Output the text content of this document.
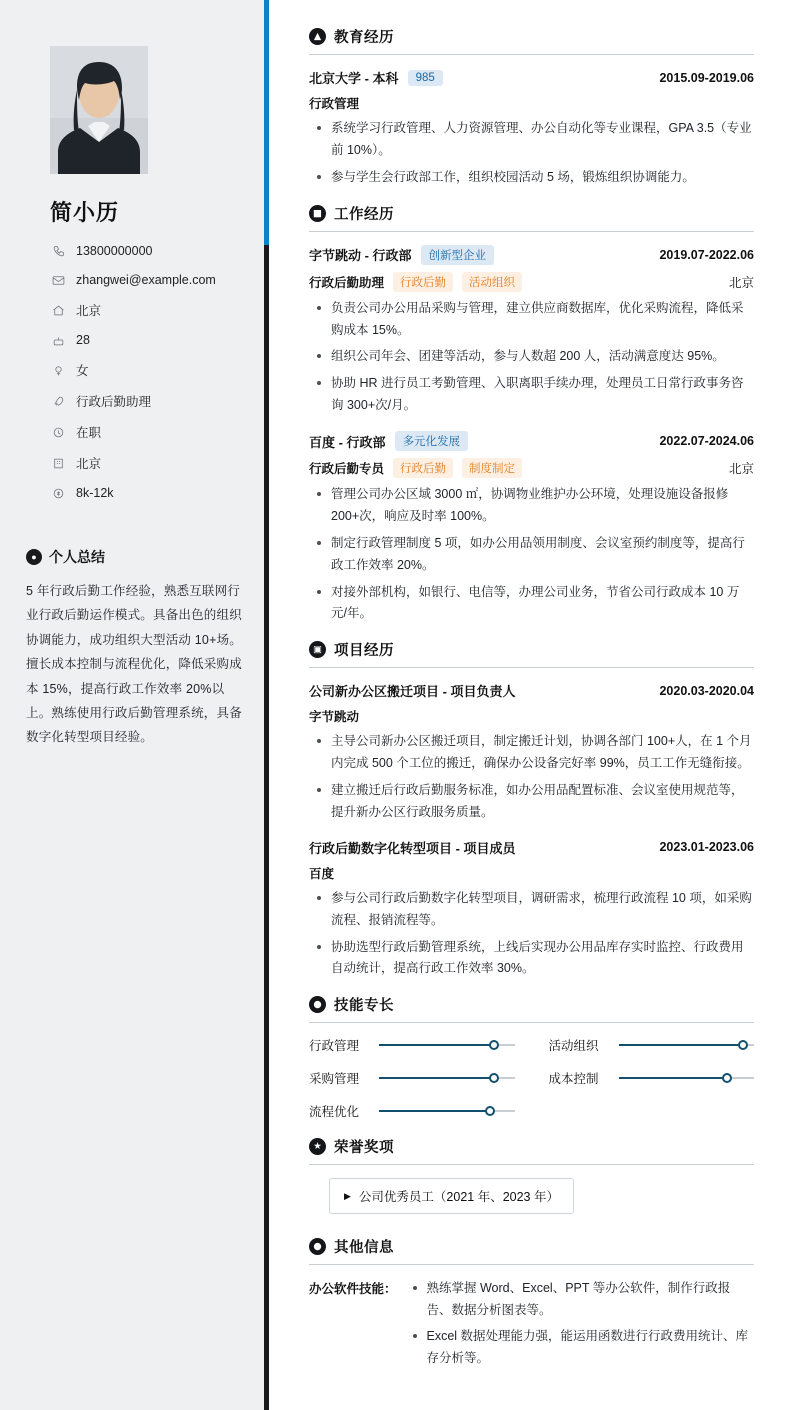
简小历
13800000000
zhangwei@example.com
北京
28
女
行政后勤助理
在职
北京
8k-12k
● 个人总结
5 年行政后勤工作经验，熟悉互联网行业行政后勤运作模式。具备出色的组织协调能力，成功组织大型活动 10+场。擅长成本控制与流程优化，降低采购成本 15%，提高行政工作效率 20%以上。熟练使用行政后勤管理系统，具备数字化转型项目经验。
▲ 教育经历
北京大学 - 本科	985	2015.09-2019.06
行政管理
系统学习行政管理、人力资源管理、办公自动化等专业课程，GPA 3.5（专业前 10%）。
参与学生会行政部工作，组织校园活动 5 场，锻炼组织协调能力。
■ 工作经历
字节跳动 - 行政部	创新型企业	2019.07-2022.06
行政后勤助理	行政后勤	活动组织	北京
负责公司办公用品采购与管理，建立供应商数据库，优化采购流程，降低采购成本 15%。
组织公司年会、团建等活动，参与人数超 200 人，活动满意度达 95%。
协助 HR 进行员工考勤管理、入职离职手续办理，处理员工日常行政事务咨询 300+次/月。
百度 - 行政部	多元化发展	2022.07-2024.06
行政后勤专员	行政后勤	制度制定	北京
管理公司办公区域 3000 ㎡，协调物业维护办公环境，处理设施设备报修 200+次，响应及时率 100%。
制定行政管理制度 5 项，如办公用品领用制度、会议室预约制度等，提高行政工作效率 20%。
对接外部机构，如银行、电信等，办理公司业务，节省公司行政成本 10 万元/年。
▣ 项目经历
公司新办公区搬迁项目 - 项目负责人	2020.03-2020.04
字节跳动
主导公司新办公区搬迁项目，制定搬迁计划，协调各部门 100+人，在 1 个月内完成 500 个工位的搬迁，确保办公设备完好率 99%，员工工作无缝衔接。
建立搬迁后行政后勤服务标准，如办公用品配置标准、会议室使用规范等，提升新办公区行政服务质量。
行政后勤数字化转型项目 - 项目成员	2023.01-2023.06
百度
参与公司行政后勤数字化转型项目，调研需求，梳理行政流程 10 项，如采购流程、报销流程等。
协助选型行政后勤管理系统，上线后实现办公用品库存实时监控、行政费用自动统计，提高行政工作效率 30%。
● 技能专长
行政管理	活动组织
采购管理	成本控制
流程优化
★ 荣誉奖项
▶ 公司优秀员工（2021 年、2023 年）
● 其他信息
办公软件技能：	熟练掌握 Word、Excel、PPT 等办公软件，制作行政报告、数据分析图表等。
Excel 数据处理能力强，能运用函数进行行政费用统计、库存分析等。
